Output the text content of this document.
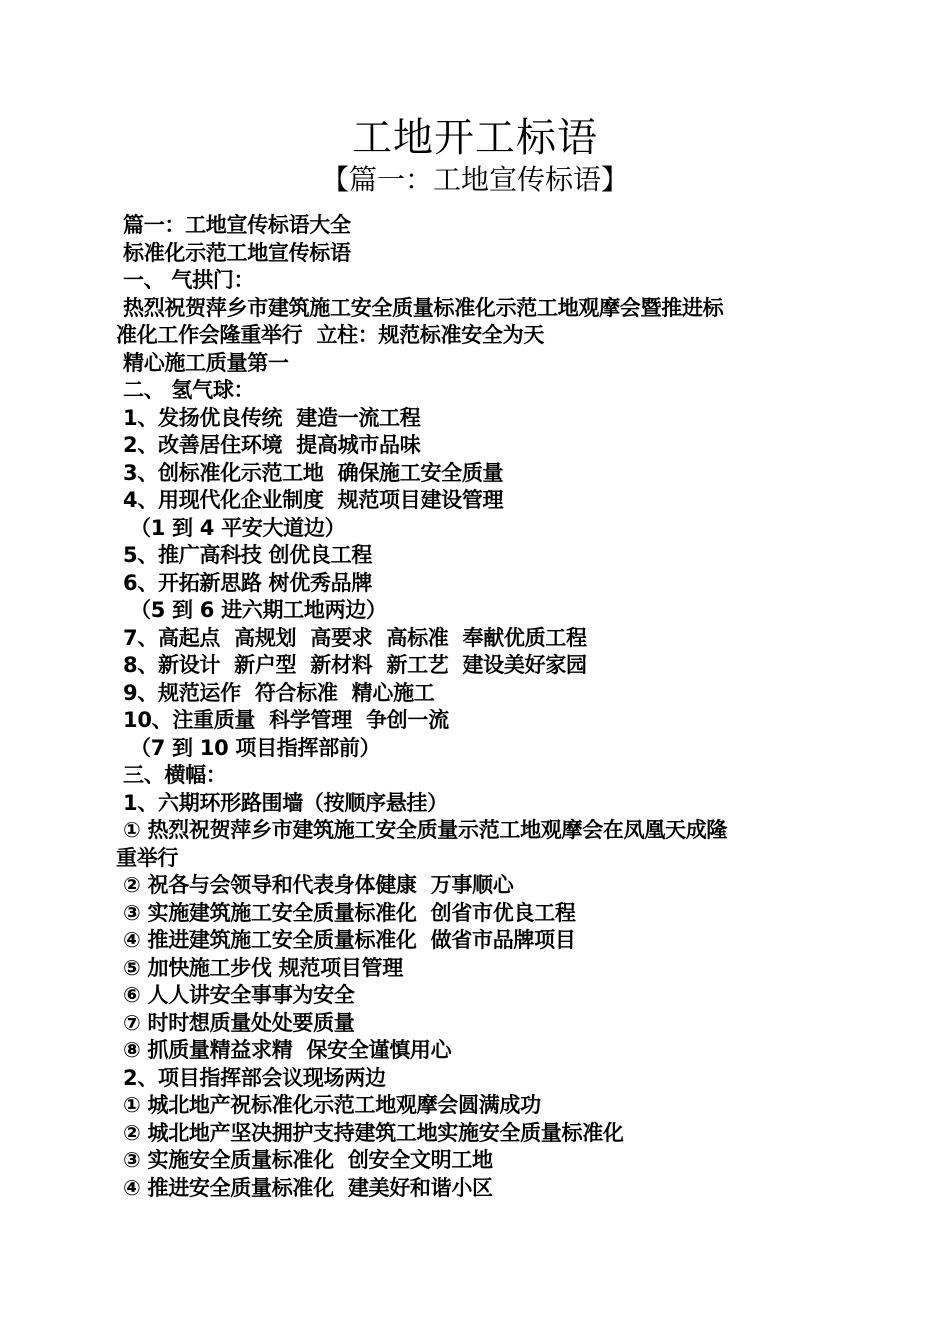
工地开工标语
【篇一：工地宣传标语】
篇一：工地宣传标语大全
标准化示范工地宣传标语
一、 气拱门：
热烈祝贺萍乡市建筑施工安全质量标准化示范工地观摩会暨推进标
准化工作会隆重举行  立柱：规范标准安全为天
精心施工质量第一
二、 氢气球：
1、发扬优良传统  建造一流工程
2、改善居住环境  提高城市品味
3、创标准化示范工地  确保施工安全质量
4、用现代化企业制度  规范项目建设管理
（1 到 4 平安大道边）
5、推广高科技 创优良工程
6、开拓新思路 树优秀品牌
（5 到 6 进六期工地两边）
7、高起点  高规划  高要求  高标准  奉献优质工程
8、新设计  新户型  新材料  新工艺  建设美好家园
9、规范运作  符合标准  精心施工
10、注重质量  科学管理  争创一流
（7 到 10 项目指挥部前）
三、横幅：
1、六期环形路围墙（按顺序悬挂）
① 热烈祝贺萍乡市建筑施工安全质量示范工地观摩会在凤凰天成隆
重举行
② 祝各与会领导和代表身体健康  万事顺心
③ 实施建筑施工安全质量标准化  创省市优良工程
④ 推进建筑施工安全质量标准化  做省市品牌项目
⑤ 加快施工步伐 规范项目管理
⑥ 人人讲安全事事为安全
⑦ 时时想质量处处要质量
⑧ 抓质量精益求精  保安全谨慎用心
2、项目指挥部会议现场两边
① 城北地产祝标准化示范工地观摩会圆满成功
② 城北地产坚决拥护支持建筑工地实施安全质量标准化
③ 实施安全质量标准化  创安全文明工地
④ 推进安全质量标准化  建美好和谐小区
